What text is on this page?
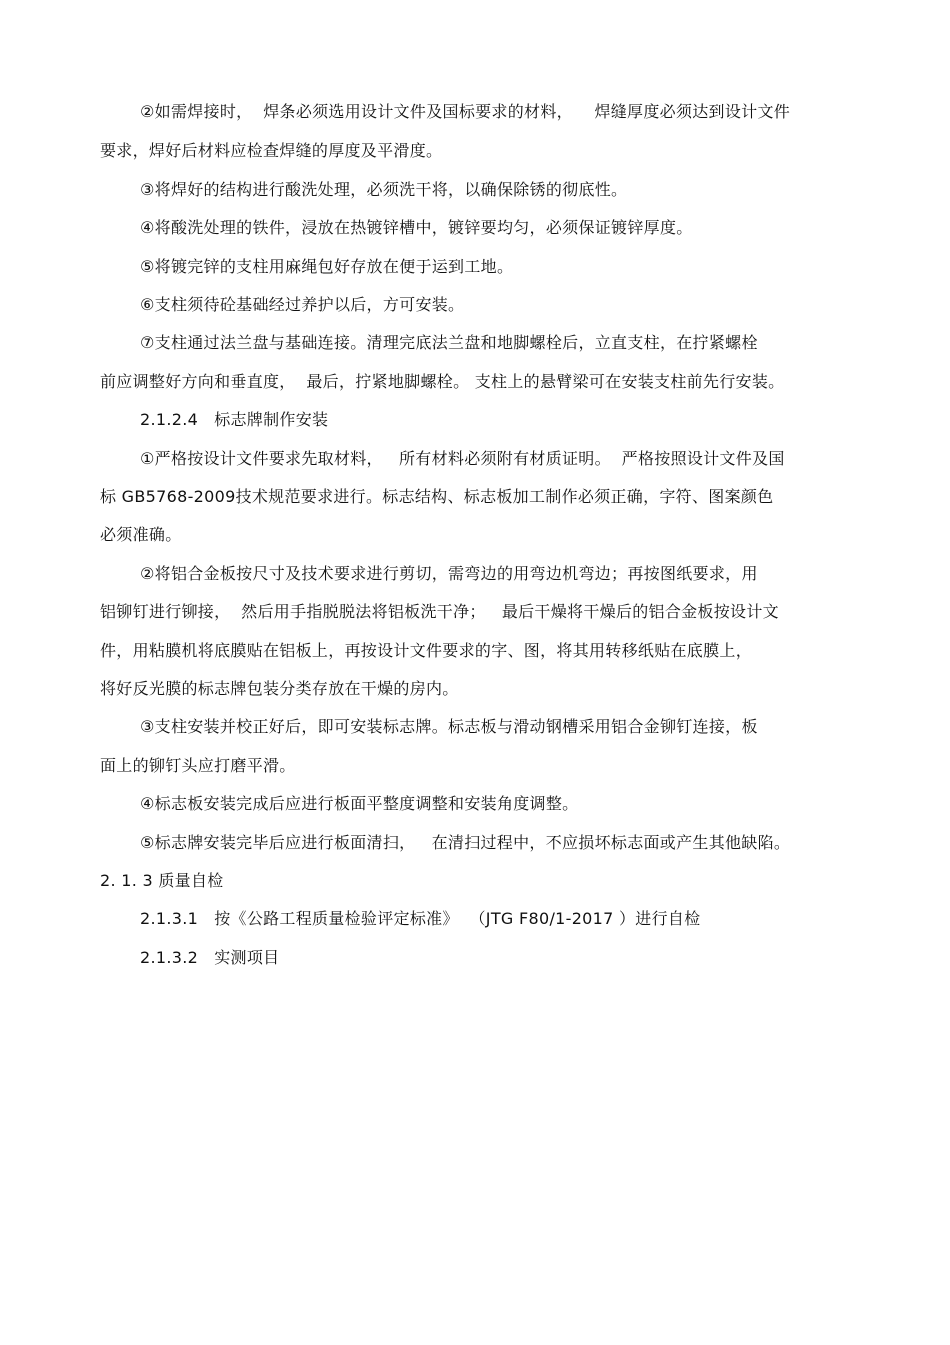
②如需焊接时，  焊条必须选用设计文件及国标要求的材料，    焊缝厚度必须达到设计文件
要求，焊好后材料应检查焊缝的厚度及平滑度。
③将焊好的结构进行酸洗处理，必须洗干将，以确保除锈的彻底性。
④将酸洗处理的铁件，浸放在热镀锌槽中，镀锌要均匀，必须保证镀锌厚度。
⑤将镀完锌的支柱用麻绳包好存放在便于运到工地。
⑥支柱须待砼基础经过养护以后，方可安装。
⑦支柱通过法兰盘与基础连接。清理完底法兰盘和地脚螺栓后，立直支柱，在拧紧螺栓
前应调整好方向和垂直度，  最后，拧紧地脚螺栓。 支柱上的悬臂梁可在安装支柱前先行安装。
2.1.2.4   标志牌制作安装
①严格按设计文件要求先取材料，   所有材料必须附有材质证明。  严格按照设计文件及国
标 GB5768-2009技术规范要求进行。标志结构、标志板加工制作必须正确，字符、图案颜色
必须准确。
②将铝合金板按尺寸及技术要求进行剪切，需弯边的用弯边机弯边；再按图纸要求，用
铝铆钉进行铆接，  然后用手指脱脱法将铝板洗干净；   最后干燥将干燥后的铝合金板按设计文
件，用粘膜机将底膜贴在铝板上，再按设计文件要求的字、图，将其用转移纸贴在底膜上，
将好反光膜的标志牌包装分类存放在干燥的房内。
③支柱安装并校正好后，即可安装标志牌。标志板与滑动钢槽采用铝合金铆钉连接，板
面上的铆钉头应打磨平滑。
④标志板安装完成后应进行板面平整度调整和安装角度调整。
⑤标志牌安装完毕后应进行板面清扫，   在清扫过程中，不应损坏标志面或产生其他缺陷。
2. 1. 3 质量自检
2.1.3.1   按《公路工程质量检验评定标准》  （JTG F80/1-2017 ）进行自检
2.1.3.2   实测项目
